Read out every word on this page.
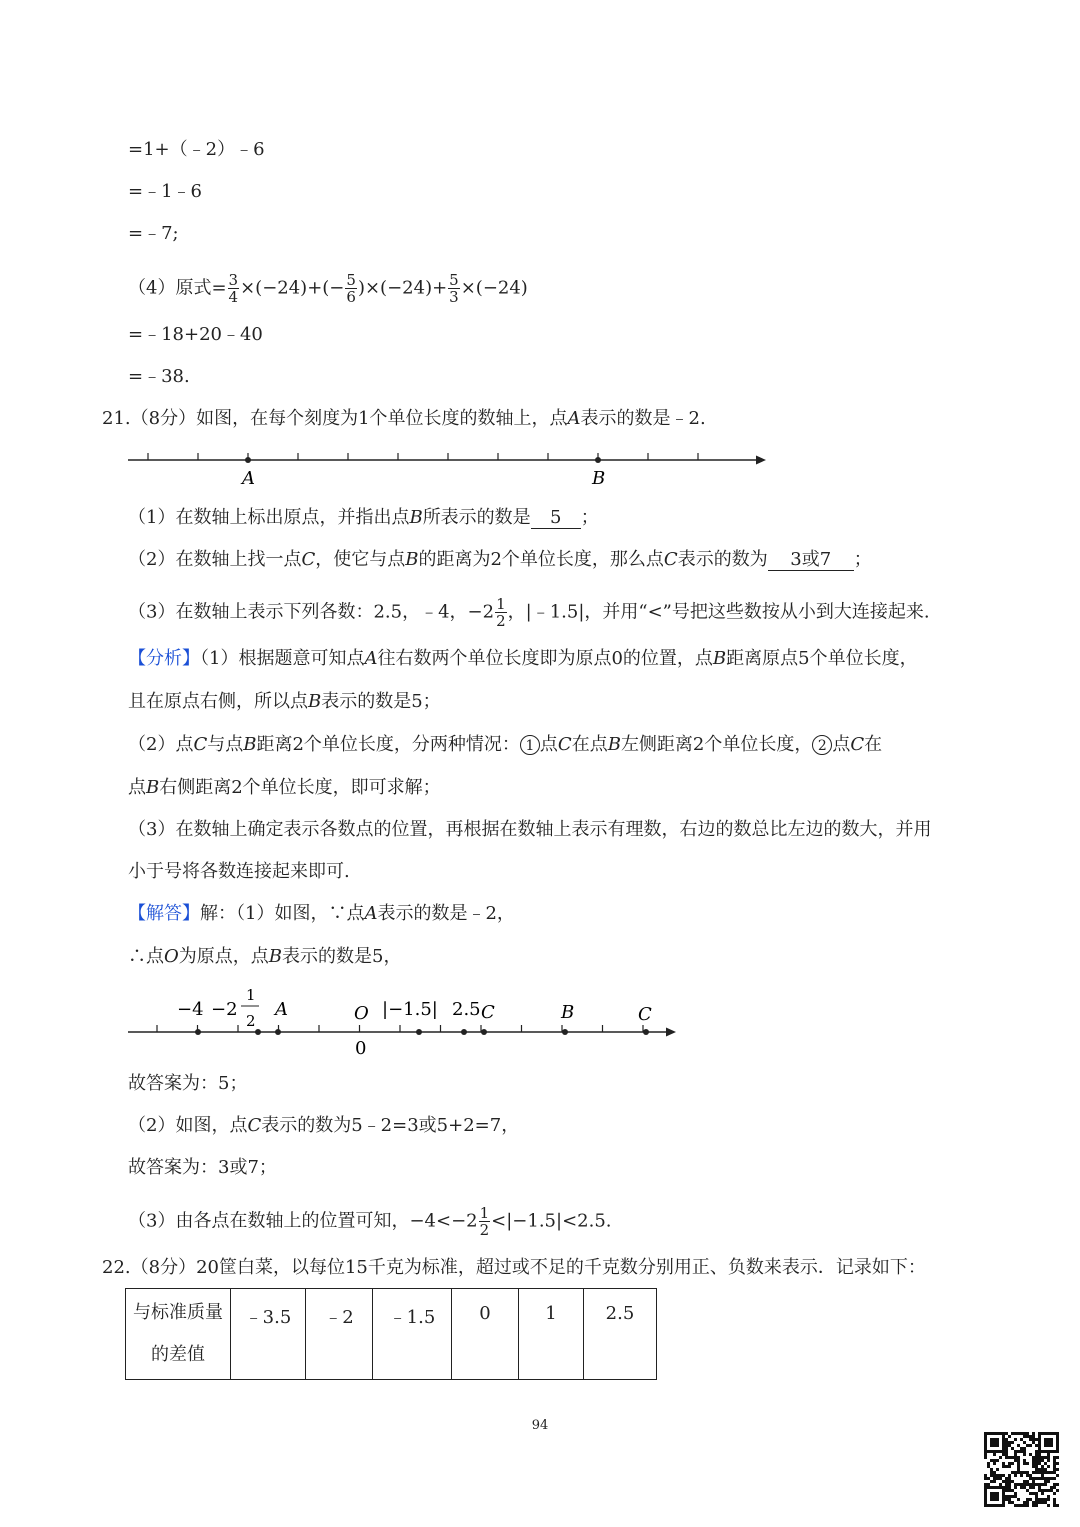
=1+（﹣2）﹣6
=﹣1﹣6
=﹣7;
（4）原式= $\frac{3}{4} \times(-24)+(- \frac{5}{6} )\times(-24)+ \frac{5}{3} \times(-24)$
=﹣18+20﹣40
=﹣38.
21.（8分）如图，在每个刻度为1个单位长度的数轴上，点A表示的数是﹣2.
A	B
（1）在数轴上标出原点，并指出点B所表示的数是 5 ；
（2）在数轴上找一点C，使它与点B的距离为2个单位长度，那么点C表示的数为 3或7 ；
（3）在数轴上表示下列各数：2.5，﹣4，$-2 \frac{1}{2}$ ，|﹣1.5|，并用“<”号把这些数按从小到大连接起来.
【分析】（1）根据题意可知点A往右数两个单位长度即为原点0的位置，点B距离原点5个单位长度，
且在原点右侧，所以点B表示的数是5；
（2）点C与点B距离2个单位长度，分两种情况： 1 点C在点B左侧距离2个单位长度， 2 点C在
点B右侧距离2个单位长度，即可求解；
（3）在数轴上确定表示各数点的位置，再根据在数轴上表示有理数，右边的数总比左边的数大，并用
小于号将各数连接起来即可.
【解答】解：（1）如图，∵点A表示的数是﹣2，
∴点O为原点，点B表示的数是5，
−4 −2
1
2
A	O
0
|−1.5| 2.5 C	B	C
故答案为：5；
（2）如图，点C表示的数为5﹣2=3或5+2=7，
故答案为：3或7；
（3）由各点在数轴上的位置可知，$-4<-2 \frac{1}{2} <|-1.5|<2.5$.
22.（8分）20筐白菜，以每位15千克为标准，超过或不足的千克数分别用正、负数来表示．记录如下：
与标准质量
的差值
	﹣3.5	﹣2	﹣1.5	0	1	2.5
94
